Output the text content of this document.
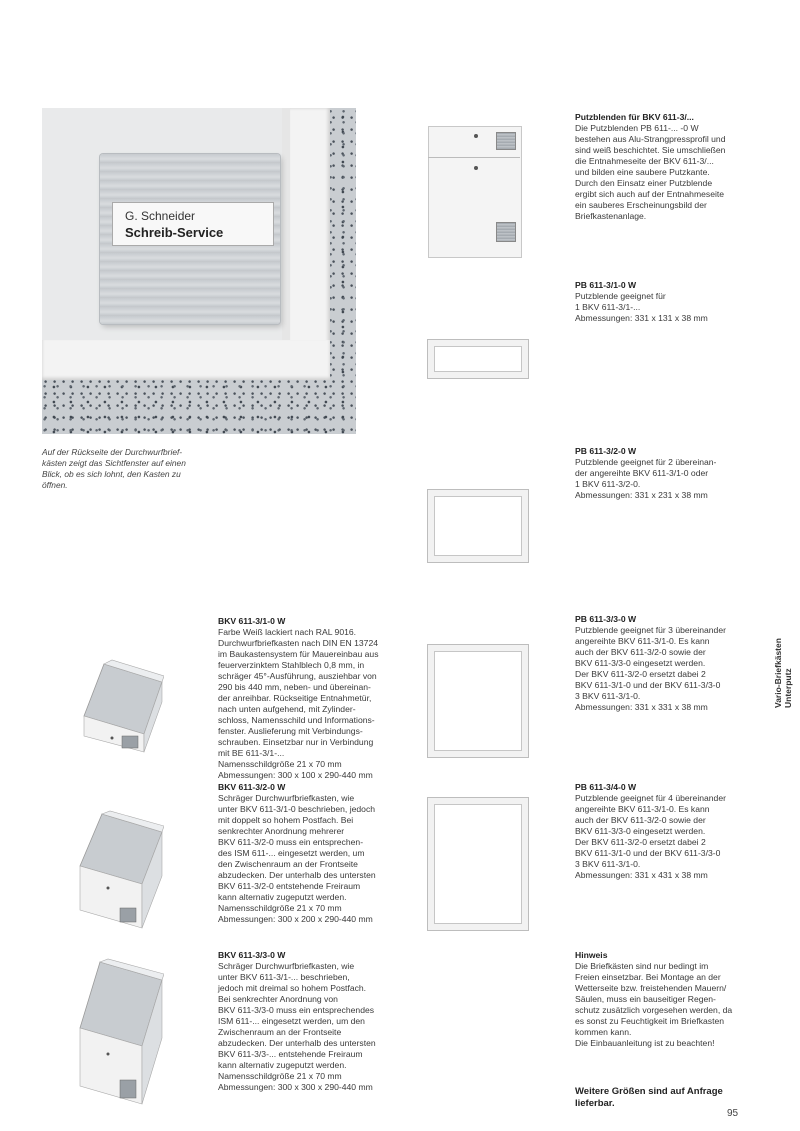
G. Schneider
Schreib-Service
Auf der Rückseite der Durchwurfbrief-
kästen zeigt das Sichtfenster auf einen
Blick, ob es sich lohnt, den Kasten zu
öffnen.
BKV 611-3/1-0 W
Farbe Weiß lackiert nach RAL 9016.
Durchwurfbriefkasten nach DIN EN 13724
im Baukastensystem für Mauereinbau aus
feuerverzinktem Stahlblech 0,8 mm, in
schräger 45°-Ausführung, ausziehbar von
290 bis 440 mm, neben- und übereinan-
der anreihbar. Rückseitige Entnahmetür,
nach unten aufgehend, mit Zylinder-
schloss, Namensschild und Informations-
fenster. Auslieferung mit Verbindungs-
schrauben. Einsetzbar nur in Verbindung
mit BE 611-3/1-...
Namensschildgröße 21 x 70 mm
Abmessungen: 300 x 100 x 290-440 mm
BKV 611-3/2-0 W
Schräger Durchwurfbriefkasten, wie
unter BKV 611-3/1-0 beschrieben, jedoch
mit doppelt so hohem Postfach. Bei
senkrechter Anordnung mehrerer
BKV 611-3/2-0 muss ein entsprechen-
des ISM 611-... eingesetzt werden, um
den Zwischenraum an der Frontseite
abzudecken. Der unterhalb des untersten
BKV 611-3/2-0 entstehende Freiraum
kann alternativ zugeputzt werden.
Namensschildgröße 21 x 70 mm
Abmessungen: 300 x 200 x 290-440 mm
BKV 611-3/3-0 W
Schräger Durchwurfbriefkasten, wie
unter BKV 611-3/1-... beschrieben,
jedoch mit dreimal so hohem Postfach.
Bei senkrechter Anordnung von
BKV 611-3/3-0 muss ein entsprechendes
ISM 611-... eingesetzt werden, um den
Zwischenraum an der Frontseite
abzudecken. Der unterhalb des untersten
BKV 611-3/3-... entstehende Freiraum
kann alternativ zugeputzt werden.
Namensschildgröße 21 x 70 mm
Abmessungen: 300 x 300 x 290-440 mm
Putzblenden für BKV 611-3/...
Die Putzblenden PB 611-... -0 W
bestehen aus Alu-Strangpressprofil und
sind weiß beschichtet. Sie umschließen
die Entnahmeseite der BKV 611-3/...
und bilden eine saubere Putzkante.
Durch den Einsatz einer Putzblende
ergibt sich auch auf der Entnahmeseite
ein sauberes Erscheinungsbild der
Briefkastenanlage.
PB 611-3/1-0 W
Putzblende geeignet für
1 BKV 611-3/1-...
Abmessungen: 331 x 131 x 38 mm
PB 611-3/2-0 W
Putzblende geeignet für 2 übereinan-
der angereihte BKV 611-3/1-0 oder
1 BKV 611-3/2-0.
Abmessungen: 331 x 231 x 38 mm
PB 611-3/3-0 W
Putzblende geeignet für 3 übereinander
angereihte BKV 611-3/1-0. Es kann
auch der BKV 611-3/2-0 sowie der
BKV 611-3/3-0 eingesetzt werden.
Der BKV 611-3/2-0 ersetzt dabei 2
BKV 611-3/1-0 und der BKV 611-3/3-0
3 BKV 611-3/1-0.
Abmessungen: 331 x 331 x 38 mm
PB 611-3/4-0 W
Putzblende geeignet für 4 übereinander
angereihte BKV 611-3/1-0. Es kann
auch der BKV 611-3/2-0 sowie der
BKV 611-3/3-0 eingesetzt werden.
Der BKV 611-3/2-0 ersetzt dabei 2
BKV 611-3/1-0 und der BKV 611-3/3-0
3 BKV 611-3/1-0.
Abmessungen: 331 x 431 x 38 mm
Hinweis
Die Briefkästen sind nur bedingt im
Freien einsetzbar. Bei Montage an der
Wetterseite bzw. freistehenden Mauern/
Säulen, muss ein bauseitiger Regen-
schutz zusätzlich vorgesehen werden, da
es sonst zu Feuchtigkeit im Briefkasten
kommen kann.
Die Einbauanleitung ist zu beachten!
Weitere Größen sind auf Anfrage
lieferbar.
Vario-Briefkästen
Unterputz
95
